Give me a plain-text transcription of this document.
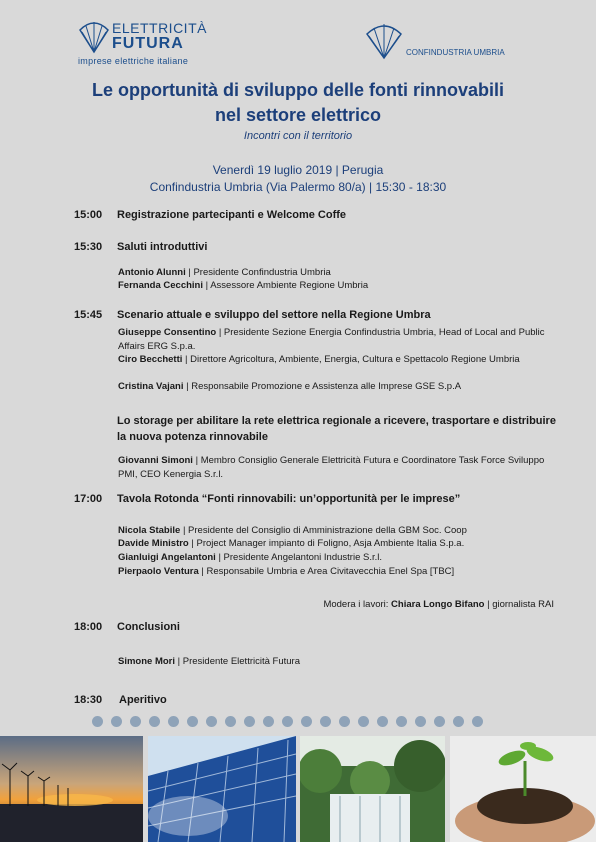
ELETTRICITÀ
FUTURA
imprese elettriche italiane
CONFINDUSTRIA UMBRIA
Le opportunità di sviluppo delle fonti rinnovabili
nel settore elettrico
Incontri con il territorio
Venerdì 19 luglio 2019 | Perugia
Confindustria Umbria (Via Palermo 80/a) | 15:30 - 18:30
15:00 Registrazione partecipanti e Welcome Coffe
15:30 Saluti introduttivi
Antonio Alunni | Presidente Confindustria Umbria
Fernanda Cecchini | Assessore Ambiente Regione Umbria
15:45 Scenario attuale e sviluppo del settore nella Regione Umbra
Giuseppe Consentino | Presidente Sezione Energia Confindustria Umbria, Head of Local and Public Affairs ERG S.p.a.
Ciro Becchetti | Direttore Agricoltura, Ambiente, Energia, Cultura e Spettacolo Regione Umbria
Cristina Vajani | Responsabile Promozione e Assistenza alle Imprese GSE S.p.A
Lo storage per abilitare la rete elettrica regionale a ricevere, trasportare e distribuire la nuova potenza rinnovabile
Giovanni Simoni | Membro Consiglio Generale Elettricità Futura e Coordinatore Task Force Sviluppo PMI, CEO Kenergia S.r.l.
17:00 Tavola Rotonda “Fonti rinnovabili: un’opportunità per le imprese”
Nicola Stabile | Presidente del Consiglio di Amministrazione della GBM Soc. Coop
Davide Ministro | Project Manager impianto di Foligno, Asja Ambiente Italia S.p.a.
Gianluigi Angelantoni | Presidente Angelantoni Industrie S.r.l.
Pierpaolo Ventura | Responsabile Umbria e Area Civitavecchia Enel Spa [TBC]
Modera i lavori: Chiara Longo Bifano | giornalista RAI
18:00 Conclusioni
Simone Mori | Presidente Elettricità Futura
18:30 Aperitivo
